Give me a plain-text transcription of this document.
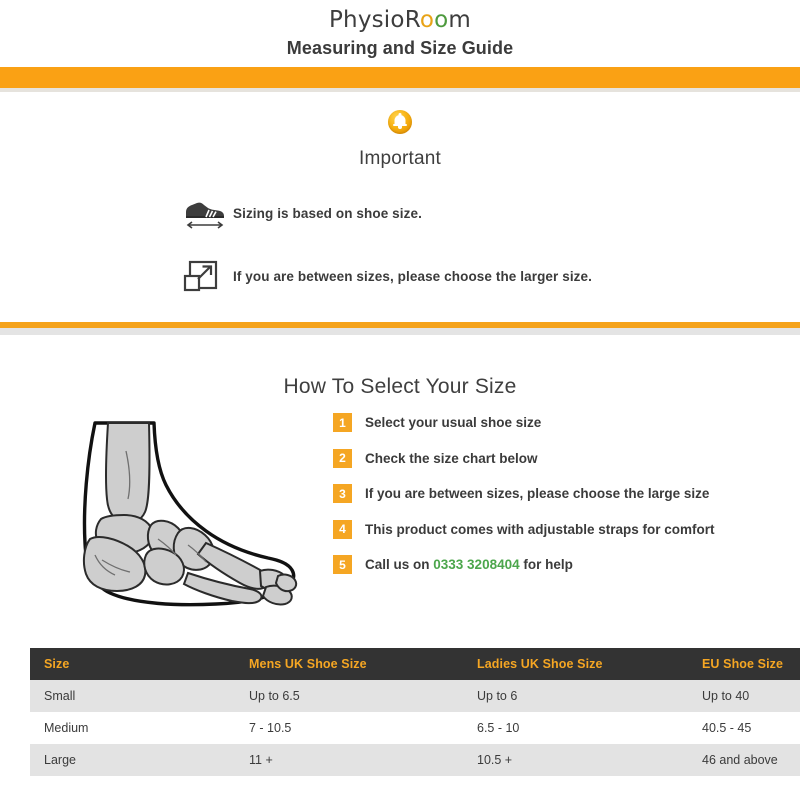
PhysioRoom
Measuring and Size Guide
Important
Sizing is based on shoe size.
If you are between sizes, please choose the larger size.
How To Select Your Size
1	Select your usual shoe size
2	Check the size chart below
3	If you are between sizes, please choose the large size
4	This product comes with adjustable straps for comfort
5	Call us on 0333 3208404 for help
Size	Mens UK Shoe Size	Ladies UK Shoe Size	EU Shoe Size
Small	Up to 6.5	Up to 6	Up to 40
Medium	7 - 10.5	6.5 - 10	40.5 - 45
Large	11 +	10.5 +	46 and above
